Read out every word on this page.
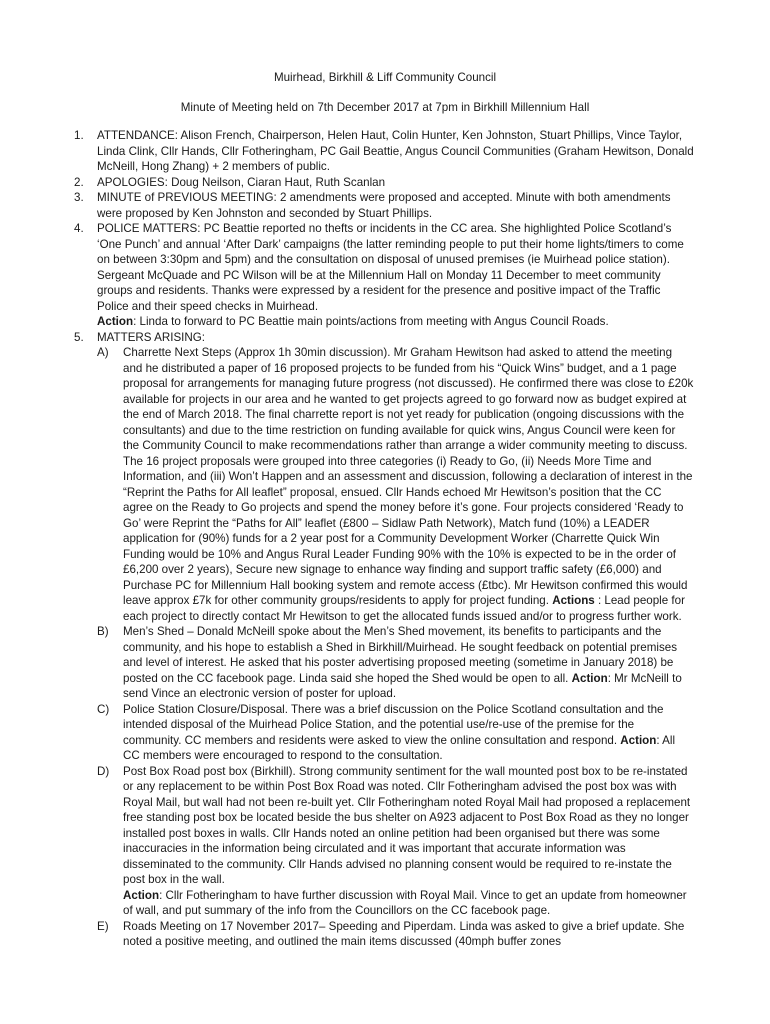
Muirhead, Birkhill & Liff Community Council
Minute of Meeting held on 7th December 2017 at 7pm in Birkhill Millennium Hall
1. ATTENDANCE: Alison French, Chairperson, Helen Haut, Colin Hunter, Ken Johnston, Stuart Phillips, Vince Taylor, Linda Clink, Cllr Hands, Cllr Fotheringham, PC Gail Beattie, Angus Council Communities (Graham Hewitson, Donald McNeill, Hong Zhang) + 2 members of public.
2. APOLOGIES: Doug Neilson, Ciaran Haut, Ruth Scanlan
3. MINUTE of PREVIOUS MEETING: 2 amendments were proposed and accepted. Minute with both amendments were proposed by Ken Johnston and seconded by Stuart Phillips.
4. POLICE MATTERS: PC Beattie reported no thefts or incidents in the CC area. She highlighted Police Scotland’s ‘One Punch’ and annual ‘After Dark’ campaigns (the latter reminding people to put their home lights/timers to come on between 3:30pm and 5pm) and the consultation on disposal of unused premises (ie Muirhead police station). Sergeant McQuade and PC Wilson will be at the Millennium Hall on Monday 11 December to meet community groups and residents. Thanks were expressed by a resident for the presence and positive impact of the Traffic Police and their speed checks in Muirhead.
Action: Linda to forward to PC Beattie main points/actions from meeting with Angus Council Roads.
5. MATTERS ARISING:
A) Charrette Next Steps (Approx 1h 30min discussion). Mr Graham Hewitson had asked to attend the meeting and he distributed a paper of 16 proposed projects to be funded from his “Quick Wins” budget, and a 1 page proposal for arrangements for managing future progress (not discussed). He confirmed there was close to £20k available for projects in our area and he wanted to get projects agreed to go forward now as budget expired at the end of March 2018. The final charrette report is not yet ready for publication (ongoing discussions with the consultants) and due to the time restriction on funding available for quick wins, Angus Council were keen for the Community Council to make recommendations rather than arrange a wider community meeting to discuss. The 16 project proposals were grouped into three categories (i) Ready to Go, (ii) Needs More Time and Information, and (iii) Won’t Happen and an assessment and discussion, following a declaration of interest in the “Reprint the Paths for All leaflet” proposal, ensued. Cllr Hands echoed Mr Hewitson’s position that the CC agree on the Ready to Go projects and spend the money before it’s gone. Four projects considered ‘Ready to Go’ were Reprint the “Paths for All” leaflet (£800 – Sidlaw Path Network), Match fund (10%) a LEADER application for (90%) funds for a 2 year post for a Community Development Worker (Charrette Quick Win Funding would be 10% and Angus Rural Leader Funding 90% with the 10% is expected to be in the order of £6,200 over 2 years), Secure new signage to enhance way finding and support traffic safety (£6,000) and Purchase PC for Millennium Hall booking system and remote access (£tbc). Mr Hewitson confirmed this would leave approx £7k for other community groups/residents to apply for project funding. Actions : Lead people for each project to directly contact Mr Hewitson to get the allocated funds issued and/or to progress further work.
B) Men’s Shed – Donald McNeill spoke about the Men’s Shed movement, its benefits to participants and the community, and his hope to establish a Shed in Birkhill/Muirhead. He sought feedback on potential premises and level of interest. He asked that his poster advertising proposed meeting (sometime in January 2018) be posted on the CC facebook page. Linda said she hoped the Shed would be open to all. Action: Mr McNeill to send Vince an electronic version of poster for upload.
C) Police Station Closure/Disposal. There was a brief discussion on the Police Scotland consultation and the intended disposal of the Muirhead Police Station, and the potential use/re-use of the premise for the community. CC members and residents were asked to view the online consultation and respond. Action: All CC members were encouraged to respond to the consultation.
D) Post Box Road post box (Birkhill). Strong community sentiment for the wall mounted post box to be re-instated or any replacement to be within Post Box Road was noted. Cllr Fotheringham advised the post box was with Royal Mail, but wall had not been re-built yet. Cllr Fotheringham noted Royal Mail had proposed a replacement free standing post box be located beside the bus shelter on A923 adjacent to Post Box Road as they no longer installed post boxes in walls. Cllr Hands noted an online petition had been organised but there was some inaccuracies in the information being circulated and it was important that accurate information was disseminated to the community. Cllr Hands advised no planning consent would be required to re-instate the post box in the wall.
Action: Cllr Fotheringham to have further discussion with Royal Mail. Vince to get an update from homeowner of wall, and put summary of the info from the Councillors on the CC facebook page.
E) Roads Meeting on 17 November 2017– Speeding and Piperdam. Linda was asked to give a brief update. She noted a positive meeting, and outlined the main items discussed (40mph buffer zones
